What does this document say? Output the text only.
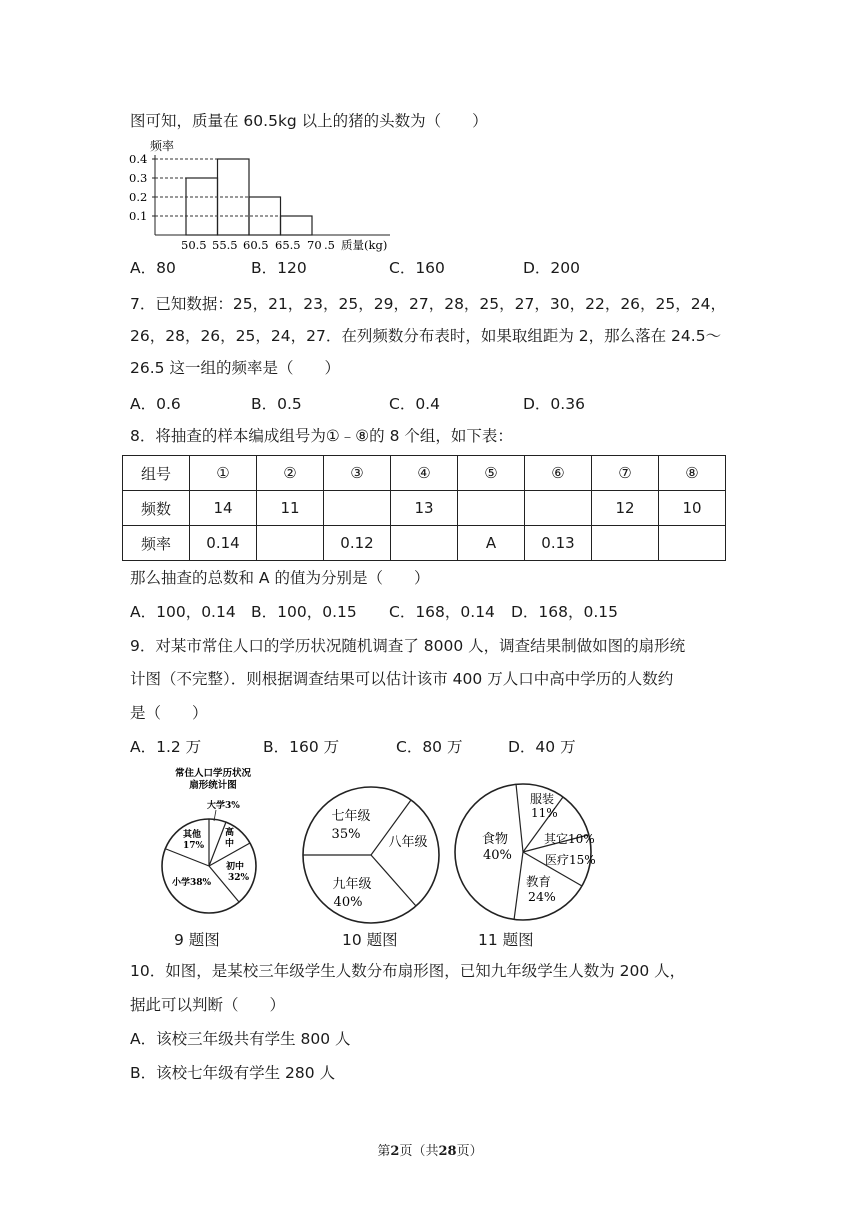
图可知，质量在 60.5kg 以上的猪的头数为（　　）
频率
0.4
0.3
0.2
0.1
50.5 55.5 60.5 65.5 70 .5 质量(kg)
A．80	B．120	C．160	D．200
7．已知数据：25，21，23，25，29，27，28，25，27，30，22，26，25，24，
26，28，26，25，24，27．在列频数分布表时，如果取组距为 2，那么落在 24.5～
26.5 这一组的频率是（　　）
A．0.6	B．0.5	C．0.4	D．0.36
8．将抽查的样本编成组号为①﹣⑧的 8 个组，如下表：
组号	①	②	③	④	⑤	⑥	⑦	⑧
频数	14	11		13			12	10
频率	0.14		0.12		A	0.13		
那么抽查的总数和 A 的值为分别是（　　）
A．100，0.14 B．100，0.15 C．168，0.14 D．168，0.15
9．对某市常住人口的学历状况随机调查了 8000 人，调查结果制做如图的扇形统
计图（不完整）．则根据调查结果可以估计该市 400 万人口中高中学历的人数约
是（　　）
A．1.2 万	B．160 万	C．80 万	D．40 万
常住人口学历状况
扇形统计图
大学3%
高
中
其他
17%
初中
32%
小学38%
七年级
35%
八年级
九年级
40%
服装
11%
其它10%
医疗15%
食物
40%
教育
24%
9 题图	10 题图	11 题图
10．如图，是某校三年级学生人数分布扇形图，已知九年级学生人数为 200 人，
据此可以判断（　　）
A．该校三年级共有学生 800 人
B．该校七年级有学生 280 人
第2页（共28页）
